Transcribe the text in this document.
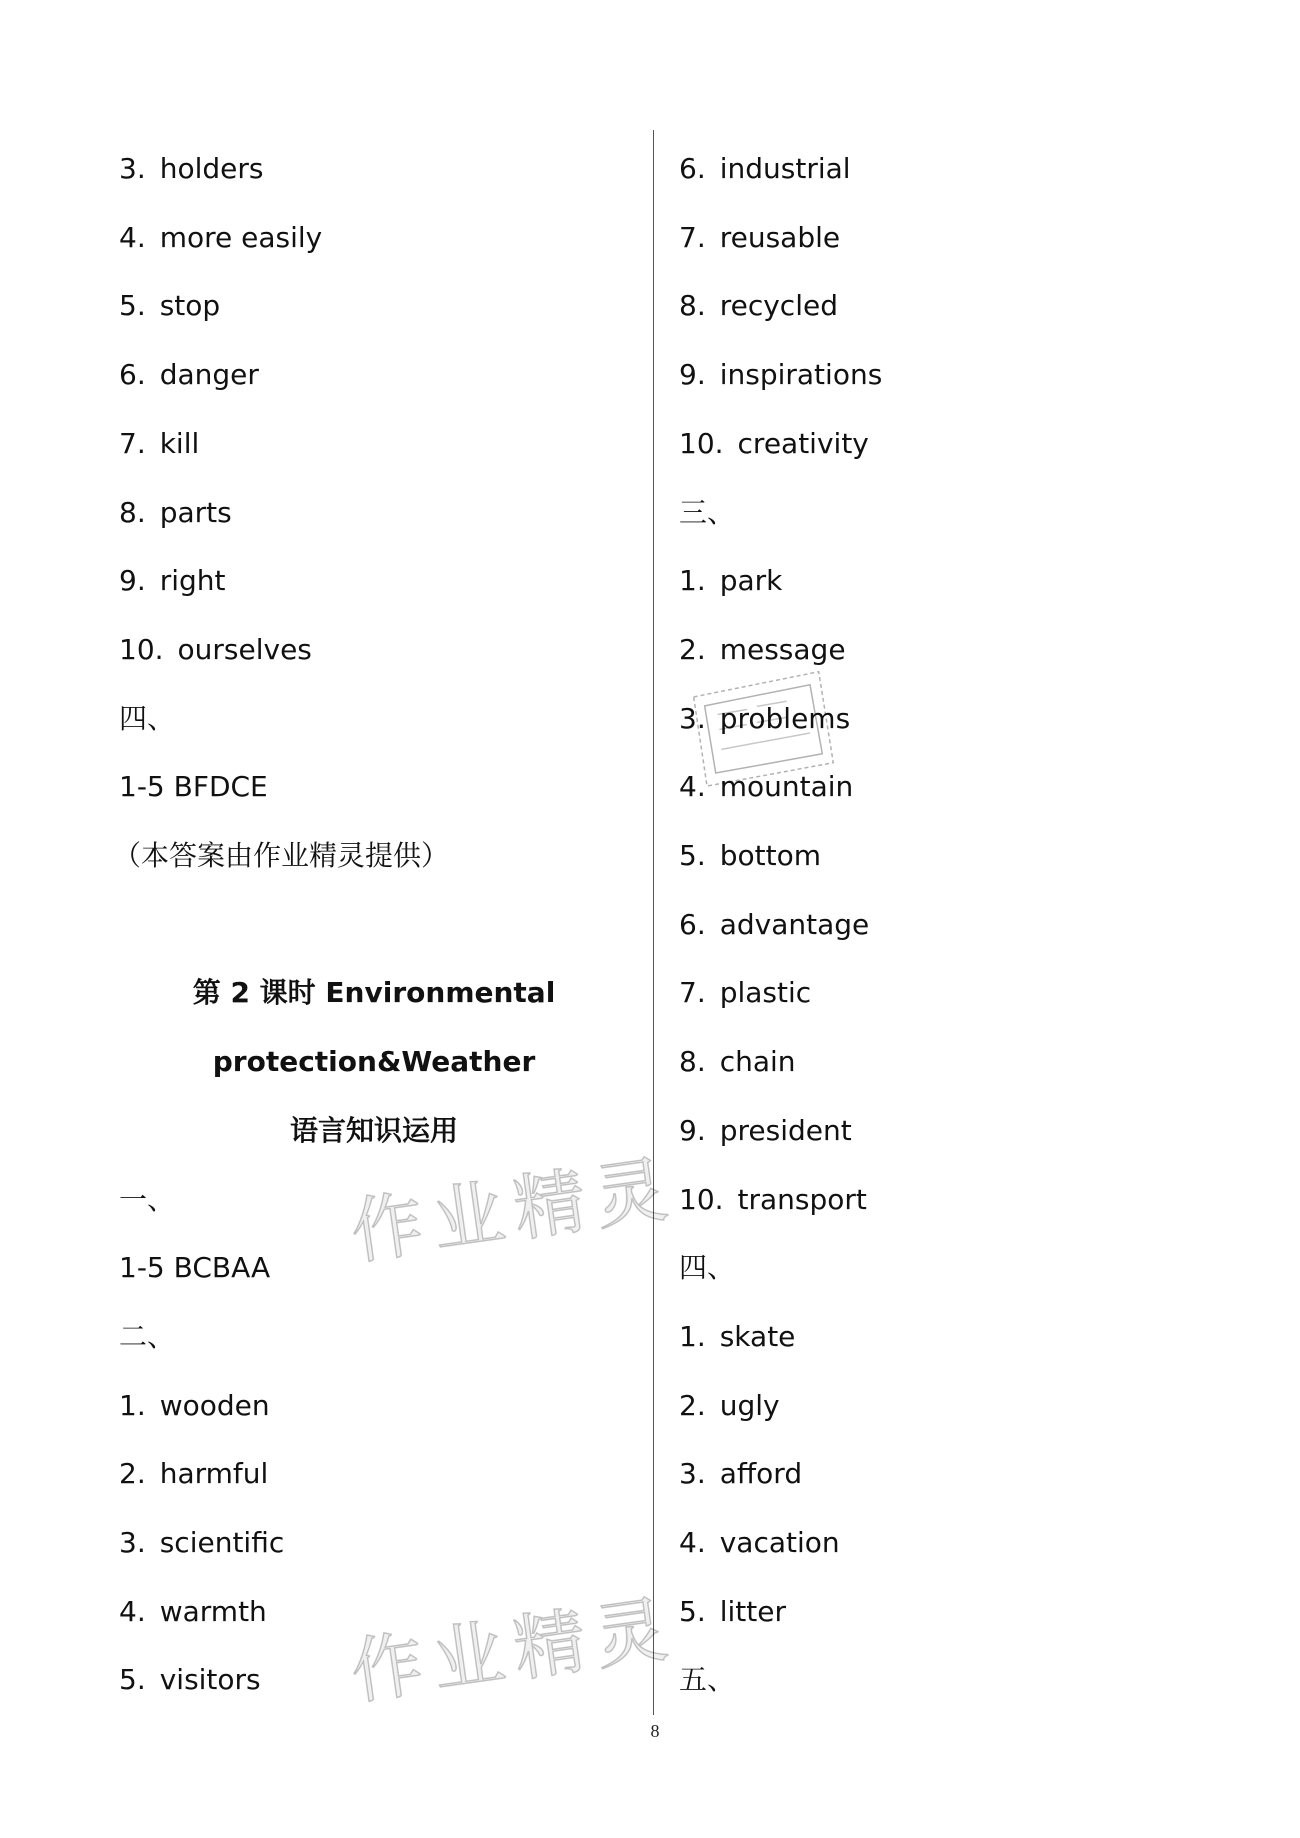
3. holders
4. more easily
5. stop
6. danger
7. kill
8. parts
9. right
10. ourselves
四、
1-5 BFDCE
（本答案由作业精灵提供）
第 2 课时 Environmental
protection&Weather
语言知识运用
一、
1-5 BCBAA
二、
1. wooden
2. harmful
3. scientific
4. warmth
5. visitors
6. industrial
7. reusable
8. recycled
9. inspirations
10. creativity
三、
1. park
2. message
3. problems
4. mountain
5. bottom
6. advantage
7. plastic
8. chain
9. president
10. transport
四、
1. skate
2. ugly
3. afford
4. vacation
5. litter
五、
作业精灵
作业精灵
8
